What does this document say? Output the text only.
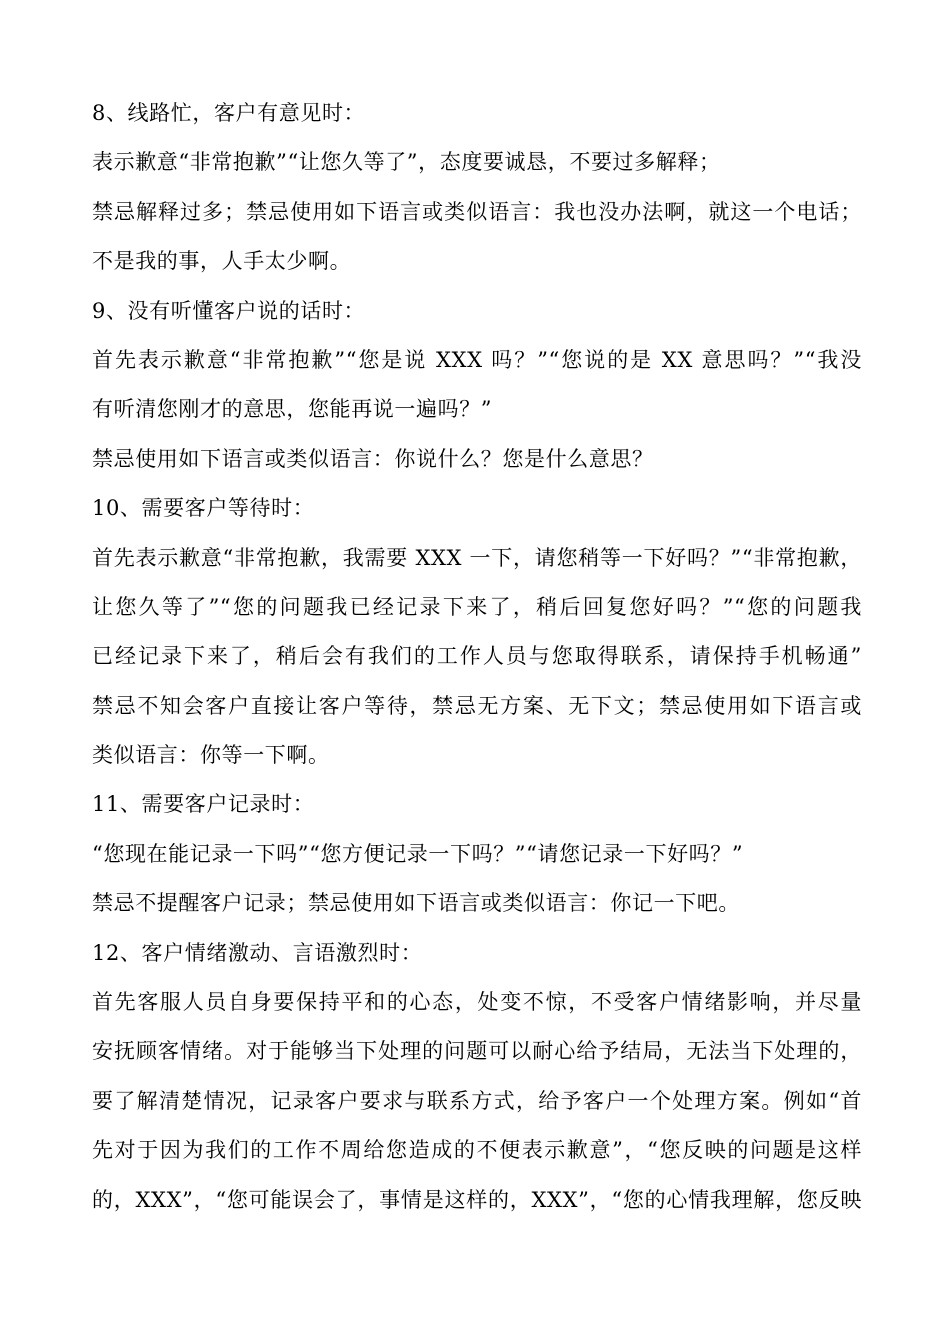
8、线路忙，客户有意见时：
表示歉意“非常抱歉”“让您久等了”，态度要诚恳，不要过多解释；
禁忌解释过多；禁忌使用如下语言或类似语言：我也没办法啊，就这一个电话；
不是我的事，人手太少啊。
9、没有听懂客户说的话时：
首先表示歉意“非常抱歉”“您是说 XXX 吗？”“您说的是 XX 意思吗？”“我没
有听清您刚才的意思，您能再说一遍吗？”
禁忌使用如下语言或类似语言：你说什么？您是什么意思？
10、需要客户等待时：
首先表示歉意“非常抱歉，我需要 XXX 一下，请您稍等一下好吗？”“非常抱歉，
让您久等了”“您的问题我已经记录下来了，稍后回复您好吗？”“您的问题我
已经记录下来了，稍后会有我们的工作人员与您取得联系，请保持手机畅通”
禁忌不知会客户直接让客户等待，禁忌无方案、无下文；禁忌使用如下语言或
类似语言：你等一下啊。
11、需要客户记录时：
“您现在能记录一下吗”“您方便记录一下吗？”“请您记录一下好吗？”
禁忌不提醒客户记录；禁忌使用如下语言或类似语言：你记一下吧。
12、客户情绪激动、言语激烈时：
首先客服人员自身要保持平和的心态，处变不惊，不受客户情绪影响，并尽量
安抚顾客情绪。对于能够当下处理的问题可以耐心给予结局，无法当下处理的，
要了解清楚情况，记录客户要求与联系方式，给予客户一个处理方案。例如“首
先对于因为我们的工作不周给您造成的不便表示歉意”，“您反映的问题是这样
的，XXX”，“您可能误会了，事情是这样的，XXX”，“您的心情我理解，您反映
